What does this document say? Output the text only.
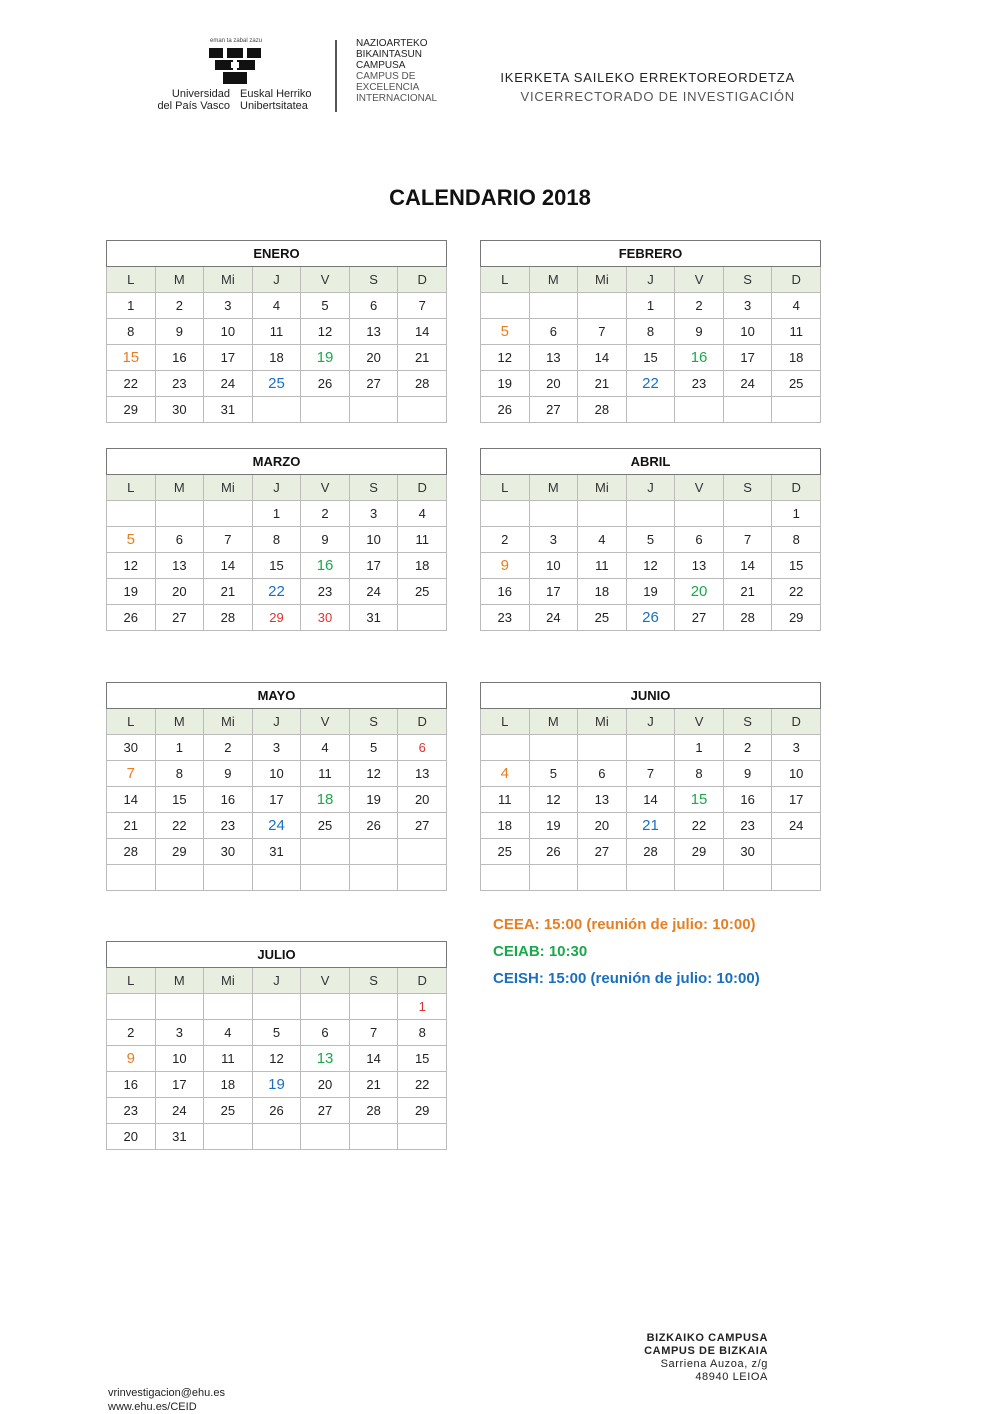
eman ta zabal zazu
Universidad
del País Vasco
Euskal Herriko
Unibertsitatea
NAZIOARTEKO
BIKAINTASUN
CAMPUSA
CAMPUS DE
EXCELENCIA
INTERNACIONAL
IKERKETA SAILEKO ERREKTOREORDETZA
VICERRECTORADO DE INVESTIGACIÓN
CALENDARIO 2018
ENERO						
L	M	Mi	J	V	S	D
1	2	3	4	5	6	7
8	9	10	11	12	13	14
15	16	17	18	19	20	21
22	23	24	25	26	27	28
29	30	31				
FEBRERO						
L	M	Mi	J	V	S	D
			1	2	3	4
5	6	7	8	9	10	11
12	13	14	15	16	17	18
19	20	21	22	23	24	25
26	27	28				
MARZO						
L	M	Mi	J	V	S	D
			1	2	3	4
5	6	7	8	9	10	11
12	13	14	15	16	17	18
19	20	21	22	23	24	25
26	27	28	29	30	31	
ABRIL						
L	M	Mi	J	V	S	D
						1
2	3	4	5	6	7	8
9	10	11	12	13	14	15
16	17	18	19	20	21	22
23	24	25	26	27	28	29
MAYO						
L	M	Mi	J	V	S	D
30	1	2	3	4	5	6
7	8	9	10	11	12	13
14	15	16	17	18	19	20
21	22	23	24	25	26	27
28	29	30	31			

JUNIO						
L	M	Mi	J	V	S	D
				1	2	3
4	5	6	7	8	9	10
11	12	13	14	15	16	17
18	19	20	21	22	23	24
25	26	27	28	29	30	

JULIO						
L	M	Mi	J	V	S	D
						1
2	3	4	5	6	7	8
9	10	11	12	13	14	15
16	17	18	19	20	21	22
23	24	25	26	27	28	29
20	31					
CEEA: 15:00 (reunión de julio: 10:00)
CEIAB: 10:30
CEISH: 15:00 (reunión de julio: 10:00)
BIZKAIKO CAMPUSA
CAMPUS DE BIZKAIA
Sarriena Auzoa, z/g
48940 LEIOA
vrinvestigacion@ehu.es
www.ehu.es/CEID
